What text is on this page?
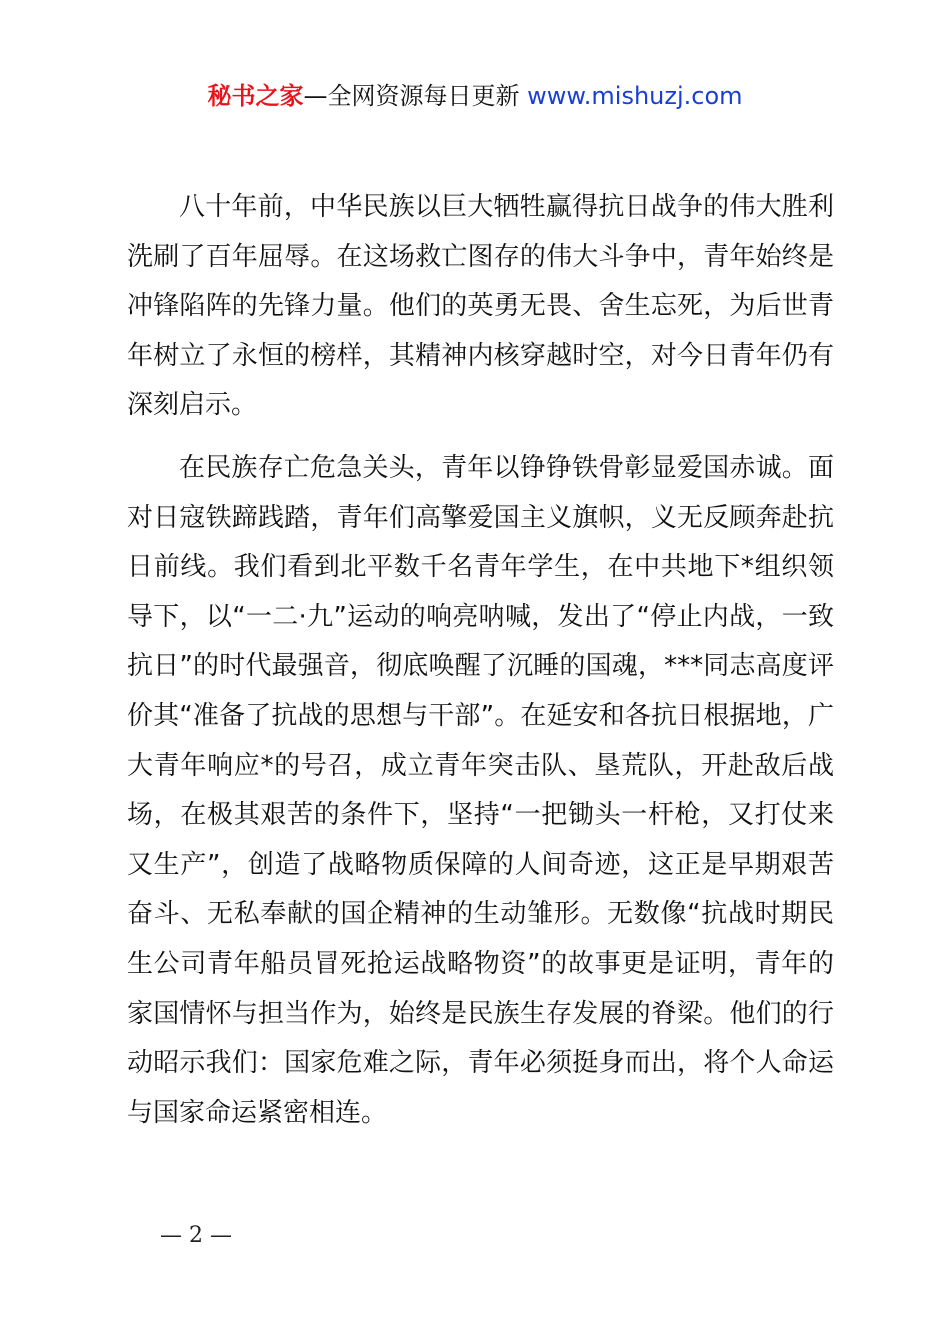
秘书之家—全网资源每日更新 www.mishuzj.com

八十年前，中华民族以巨大牺牲赢得抗日战争的伟大胜利洗刷了百年屈辱。在这场救亡图存的伟大斗争中，青年始终是冲锋陷阵的先锋力量。他们的英勇无畏、舍生忘死，为后世青年树立了永恒的榜样，其精神内核穿越时空，对今日青年仍有深刻启示。

在民族存亡危急关头，青年以铮铮铁骨彰显爱国赤诚。面对日寇铁蹄践踏，青年们高擎爱国主义旗帜，义无反顾奔赴抗日前线。我们看到北平数千名青年学生，在中共地下*组织领导下，以“一二·九”运动的响亮呐喊，发出了“停止内战，一致抗日”的时代最强音，彻底唤醒了沉睡的国魂，***同志高度评价其“准备了抗战的思想与干部”。在延安和各抗日根据地，广大青年响应*的号召，成立青年突击队、垦荒队，开赴敌后战场，在极其艰苦的条件下，坚持“一把锄头一杆枪，又打仗来又生产”，创造了战略物质保障的人间奇迹，这正是早期艰苦奋斗、无私奉献的国企精神的生动雏形。无数像“抗战时期民生公司青年船员冒死抢运战略物资”的故事更是证明，青年的家国情怀与担当作为，始终是民族生存发展的脊梁。他们的行动昭示我们：国家危难之际，青年必须挺身而出，将个人命运与国家命运紧密相连。

— 2 —
